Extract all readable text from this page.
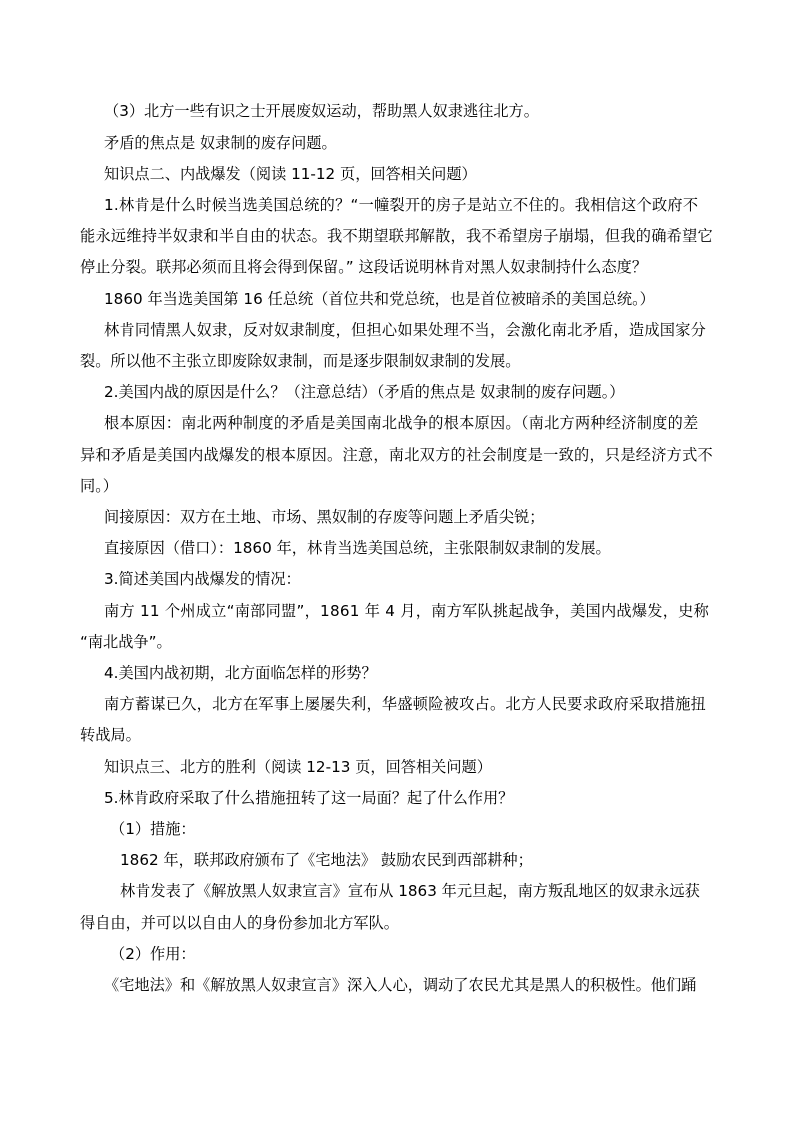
（3）北方一些有识之士开展废奴运动，帮助黑人奴隶逃往北方。
矛盾的焦点是 奴隶制的废存问题。
知识点二、内战爆发（阅读 11-12 页，回答相关问题）
1.林肯是什么时候当选美国总统的？“一幢裂开的房子是站立不住的。我相信这个政府不
能永远维持半奴隶和半自由的状态。我不期望联邦解散，我不希望房子崩塌，但我的确希望它
停止分裂。联邦必须而且将会得到保留。” 这段话说明林肯对黑人奴隶制持什么态度？
1860 年当选美国第 16 任总统（首位共和党总统，也是首位被暗杀的美国总统。）
林肯同情黑人奴隶，反对奴隶制度，但担心如果处理不当，会激化南北矛盾，造成国家分
裂。所以他不主张立即废除奴隶制，而是逐步限制奴隶制的发展。
2.美国内战的原因是什么？（注意总结）（矛盾的焦点是 奴隶制的废存问题。）
根本原因：南北两种制度的矛盾是美国南北战争的根本原因。（南北方两种经济制度的差
异和矛盾是美国内战爆发的根本原因。注意，南北双方的社会制度是一致的，只是经济方式不
同。）
间接原因：双方在土地、市场、黑奴制的存废等问题上矛盾尖锐；
直接原因（借口）：1860 年，林肯当选美国总统，主张限制奴隶制的发展。
3.简述美国内战爆发的情况：
南方 11 个州成立“南部同盟”，1861 年 4 月，南方军队挑起战争，美国内战爆发，史称
“南北战争”。
4.美国内战初期，北方面临怎样的形势？
南方蓄谋已久，北方在军事上屡屡失利，华盛顿险被攻占。北方人民要求政府采取措施扭
转战局。
知识点三、北方的胜利（阅读 12-13 页，回答相关问题）
5.林肯政府采取了什么措施扭转了这一局面？起了什么作用？
（1）措施：
1862 年，联邦政府颁布了《宅地法》 鼓励农民到西部耕种；
林肯发表了《解放黑人奴隶宣言》宣布从 1863 年元旦起，南方叛乱地区的奴隶永远获
得自由，并可以以自由人的身份参加北方军队。
（2）作用：
《宅地法》和《解放黑人奴隶宣言》深入人心，调动了农民尤其是黑人的积极性。他们踊
